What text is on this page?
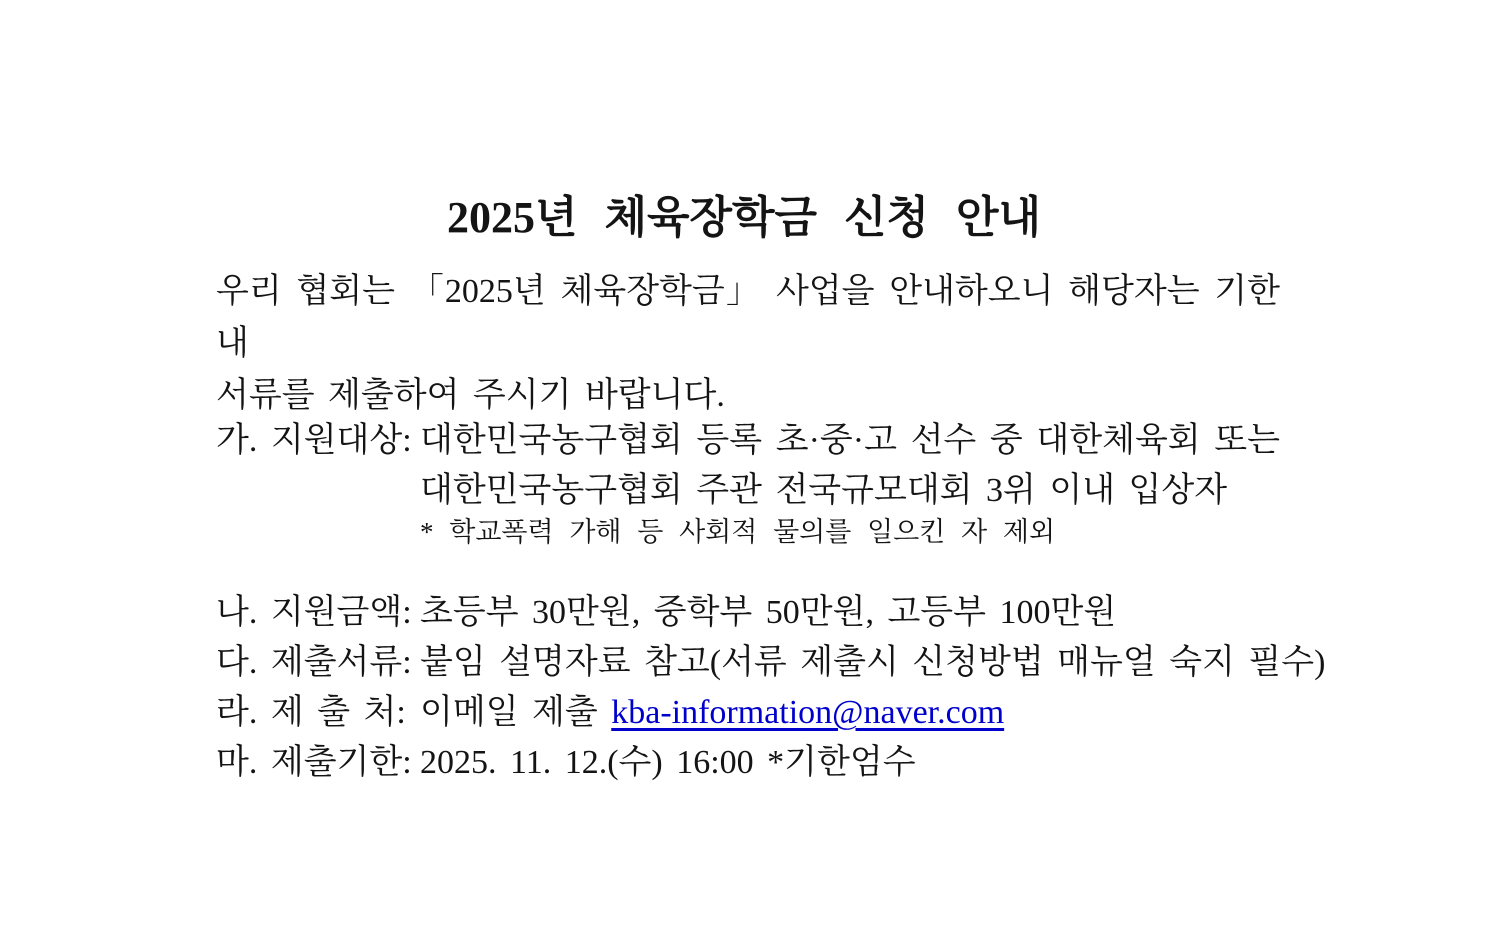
2025년 체육장학금 신청 안내
우리 협회는 「2025년 체육장학금」 사업을 안내하오니 해당자는 기한 내
서류를 제출하여 주시기 바랍니다.
가. 지원대상: 대한민국농구협회 등록 초·중·고 선수 중 대한체육회 또는
대한민국농구협회 주관 전국규모대회 3위 이내 입상자
* 학교폭력 가해 등 사회적 물의를 일으킨 자 제외
나. 지원금액: 초등부 30만원, 중학부 50만원, 고등부 100만원
다. 제출서류: 붙임 설명자료 참고(서류 제출시 신청방법 매뉴얼 숙지 필수)
라. 제 출 처: 이메일 제출 kba-information@naver.com
마. 제출기한: 2025. 11. 12.(수) 16:00 *기한엄수
